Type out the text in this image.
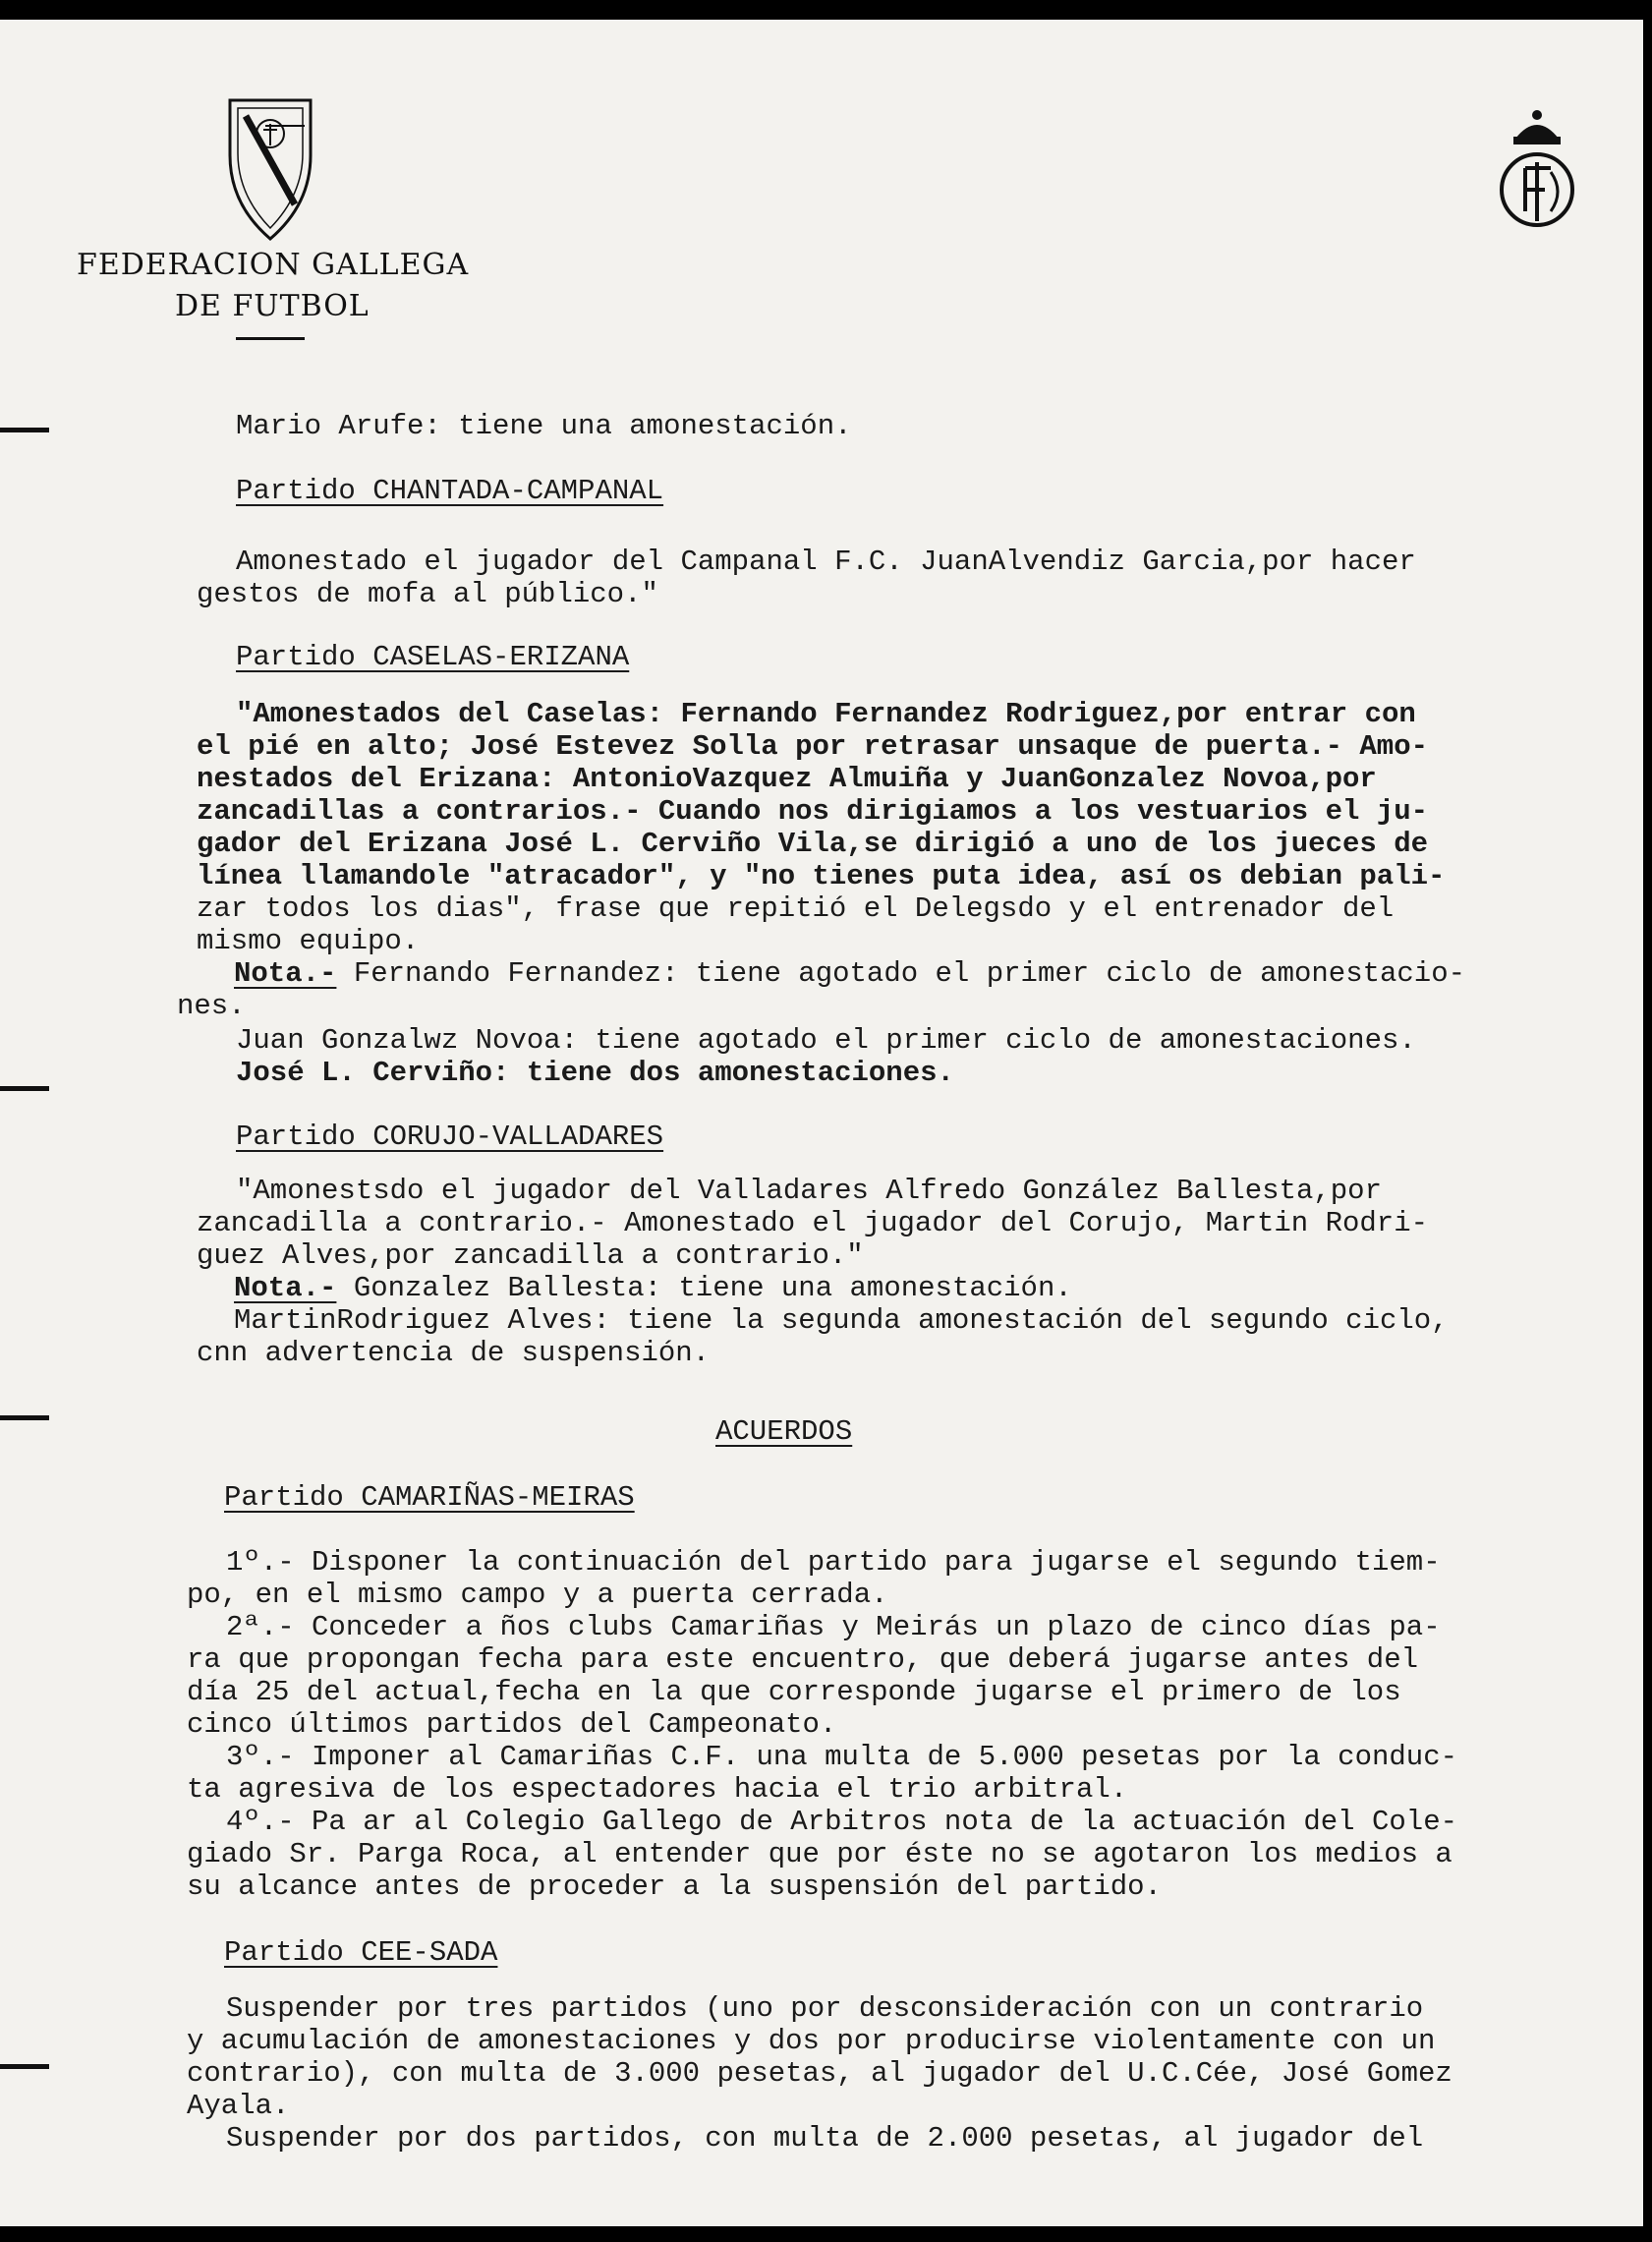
FEDERACION GALLEGA
DE FUTBOL
Mario Arufe: tiene una amonestación.
Partido CHANTADA-CAMPANAL
Amonestado el jugador del Campanal F.C. JuanAlvendiz Garcia,por hacer
gestos de mofa al público."
Partido CASELAS-ERIZANA
"Amonestados del Caselas: Fernando Fernandez Rodriguez,por entrar con
el pié en alto; José Estevez Solla por retrasar unsaque de puerta.- Amo-
nestados del Erizana: AntonioVazquez Almuiña y JuanGonzalez Novoa,por
zancadillas a contrarios.- Cuando nos dirigiamos a los vestuarios el ju-
gador del Erizana José L. Cerviño Vila,se dirigió a uno de los jueces de
línea llamandole "atracador", y "no tienes puta idea, así os debian pali-
zar todos los dias", frase que repitió el Delegsdo y el entrenador del
mismo equipo.
Nota.- Fernando Fernandez: tiene agotado el primer ciclo de amonestacio-
nes.
Juan Gonzalwz Novoa: tiene agotado el primer ciclo de amonestaciones.
José L. Cerviño: tiene dos amonestaciones.
Partido CORUJO-VALLADARES
"Amonestsdo el jugador del Valladares Alfredo González Ballesta,por
zancadilla a contrario.- Amonestado el jugador del Corujo, Martin Rodri-
guez Alves,por zancadilla a contrario."
Nota.- Gonzalez Ballesta: tiene una amonestación.
MartinRodriguez Alves: tiene la segunda amonestación del segundo ciclo,
cnn advertencia de suspensión.
ACUERDOS
Partido CAMARIÑAS-MEIRAS
1º.- Disponer la continuación del partido para jugarse el segundo tiem-
po, en el mismo campo y a puerta cerrada.
2ª.- Conceder a ños clubs Camariñas y Meirás un plazo de cinco días pa-
ra que propongan fecha para este encuentro, que deberá jugarse antes del
día 25 del actual,fecha en la que corresponde jugarse el primero de los
cinco últimos partidos del Campeonato.
3º.- Imponer al Camariñas C.F. una multa de 5.000 pesetas por la conduc-
ta agresiva de los espectadores hacia el trio arbitral.
4º.- Pa ar al Colegio Gallego de Arbitros nota de la actuación del Cole-
giado Sr. Parga Roca, al entender que por éste no se agotaron los medios a
su alcance antes de proceder a la suspensión del partido.
Partido CEE-SADA
Suspender por tres partidos (uno por desconsideración con un contrario
y acumulación de amonestaciones y dos por producirse violentamente con un
contrario), con multa de 3.000 pesetas, al jugador del U.C.Cée, José Gomez
Ayala.
Suspender por dos partidos, con multa de 2.000 pesetas, al jugador del
